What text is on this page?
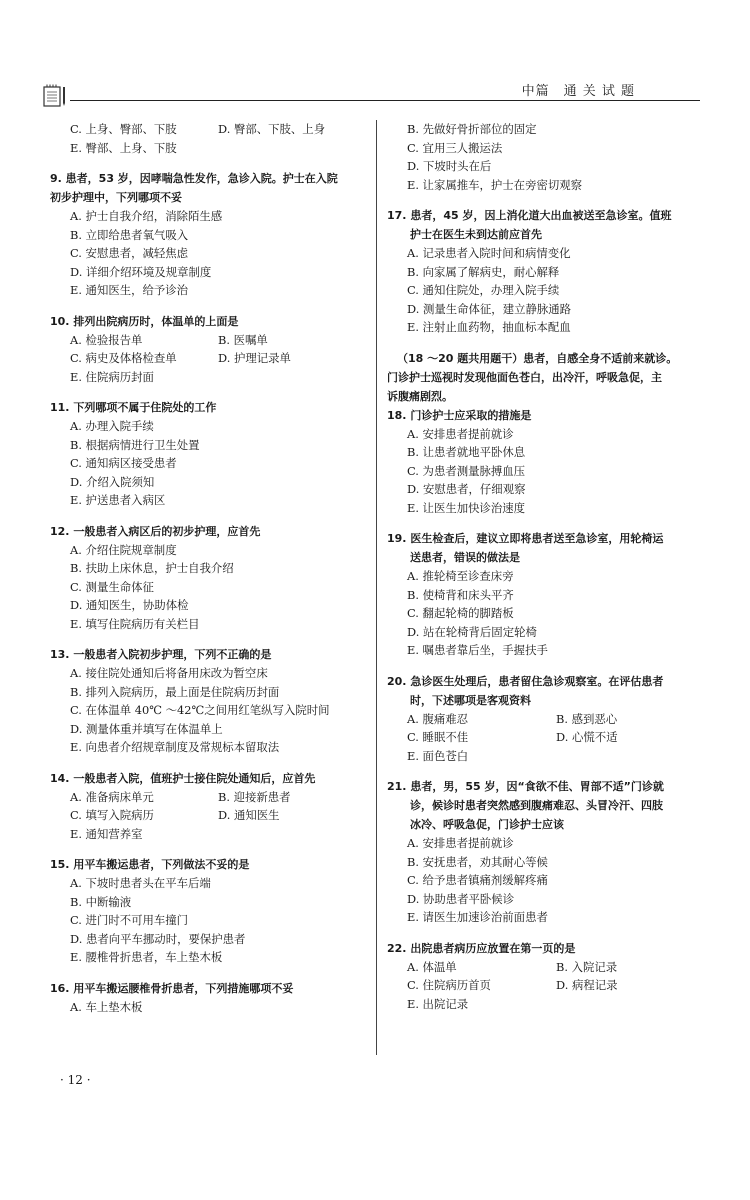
中篇　通 关 试 题
C. 上身、臀部、下肢	D. 臀部、下肢、上身
E. 臀部、上身、下肢
9. 患者，53 岁，因哮喘急性发作，急诊入院。护士在入院
初步护理中，下列哪项不妥
A. 护士自我介绍，消除陌生感
B. 立即给患者氧气吸入
C. 安慰患者，减轻焦虑
D. 详细介绍环境及规章制度
E. 通知医生，给予诊治
10. 排列出院病历时，体温单的上面是
A. 检验报告单	B. 医嘱单
C. 病史及体格检查单	D. 护理记录单
E. 住院病历封面
11. 下列哪项不属于住院处的工作
A. 办理入院手续
B. 根据病情进行卫生处置
C. 通知病区接受患者
D. 介绍入院须知
E. 护送患者入病区
12. 一般患者入病区后的初步护理，应首先
A. 介绍住院规章制度
B. 扶助上床休息，护士自我介绍
C. 测量生命体征
D. 通知医生，协助体检
E. 填写住院病历有关栏目
13. 一般患者入院初步护理，下列不正确的是
A. 接住院处通知后将备用床改为暂空床
B. 排列入院病历，最上面是住院病历封面
C. 在体温单 40℃ ～42℃之间用红笔纵写入院时间
D. 测量体重并填写在体温单上
E. 向患者介绍规章制度及常规标本留取法
14. 一般患者入院，值班护士接住院处通知后，应首先
A. 准备病床单元	B. 迎接新患者
C. 填写入院病历	D. 通知医生
E. 通知营养室
15. 用平车搬运患者，下列做法不妥的是
A. 下坡时患者头在平车后端
B. 中断输液
C. 进门时不可用车撞门
D. 患者向平车挪动时，要保护患者
E. 腰椎骨折患者，车上垫木板
16. 用平车搬运腰椎骨折患者，下列措施哪项不妥
A. 车上垫木板
B. 先做好骨折部位的固定
C. 宜用三人搬运法
D. 下坡时头在后
E. 让家属推车，护士在旁密切观察
17. 患者，45 岁，因上消化道大出血被送至急诊室。值班
护士在医生未到达前应首先
A. 记录患者入院时间和病情变化
B. 向家属了解病史，耐心解释
C. 通知住院处，办理入院手续
D. 测量生命体征，建立静脉通路
E. 注射止血药物，抽血标本配血
（18 ～20 题共用题干）患者，自感全身不适前来就诊。
门诊护士巡视时发现他面色苍白，出冷汗，呼吸急促，主
诉腹痛剧烈。
18. 门诊护士应采取的措施是
A. 安排患者提前就诊
B. 让患者就地平卧休息
C. 为患者测量脉搏血压
D. 安慰患者，仔细观察
E. 让医生加快诊治速度
19. 医生检查后，建议立即将患者送至急诊室，用轮椅运
送患者，错误的做法是
A. 推轮椅至诊查床旁
B. 使椅背和床头平齐
C. 翻起轮椅的脚踏板
D. 站在轮椅背后固定轮椅
E. 嘱患者靠后坐，手握扶手
20. 急诊医生处理后，患者留住急诊观察室。在评估患者
时，下述哪项是客观资料
A. 腹痛难忍	B. 感到恶心
C. 睡眠不佳	D. 心慌不适
E. 面色苍白
21. 患者，男，55 岁，因“食欲不佳、胃部不适”门诊就
诊，候诊时患者突然感到腹痛难忍、头冒冷汗、四肢
冰冷、呼吸急促，门诊护士应该
A. 安排患者提前就诊
B. 安抚患者，劝其耐心等候
C. 给予患者镇痛剂缓解疼痛
D. 协助患者平卧候诊
E. 请医生加速诊治前面患者
22. 出院患者病历应放置在第一页的是
A. 体温单	B. 入院记录
C. 住院病历首页	D. 病程记录
E. 出院记录
· 12 ·
